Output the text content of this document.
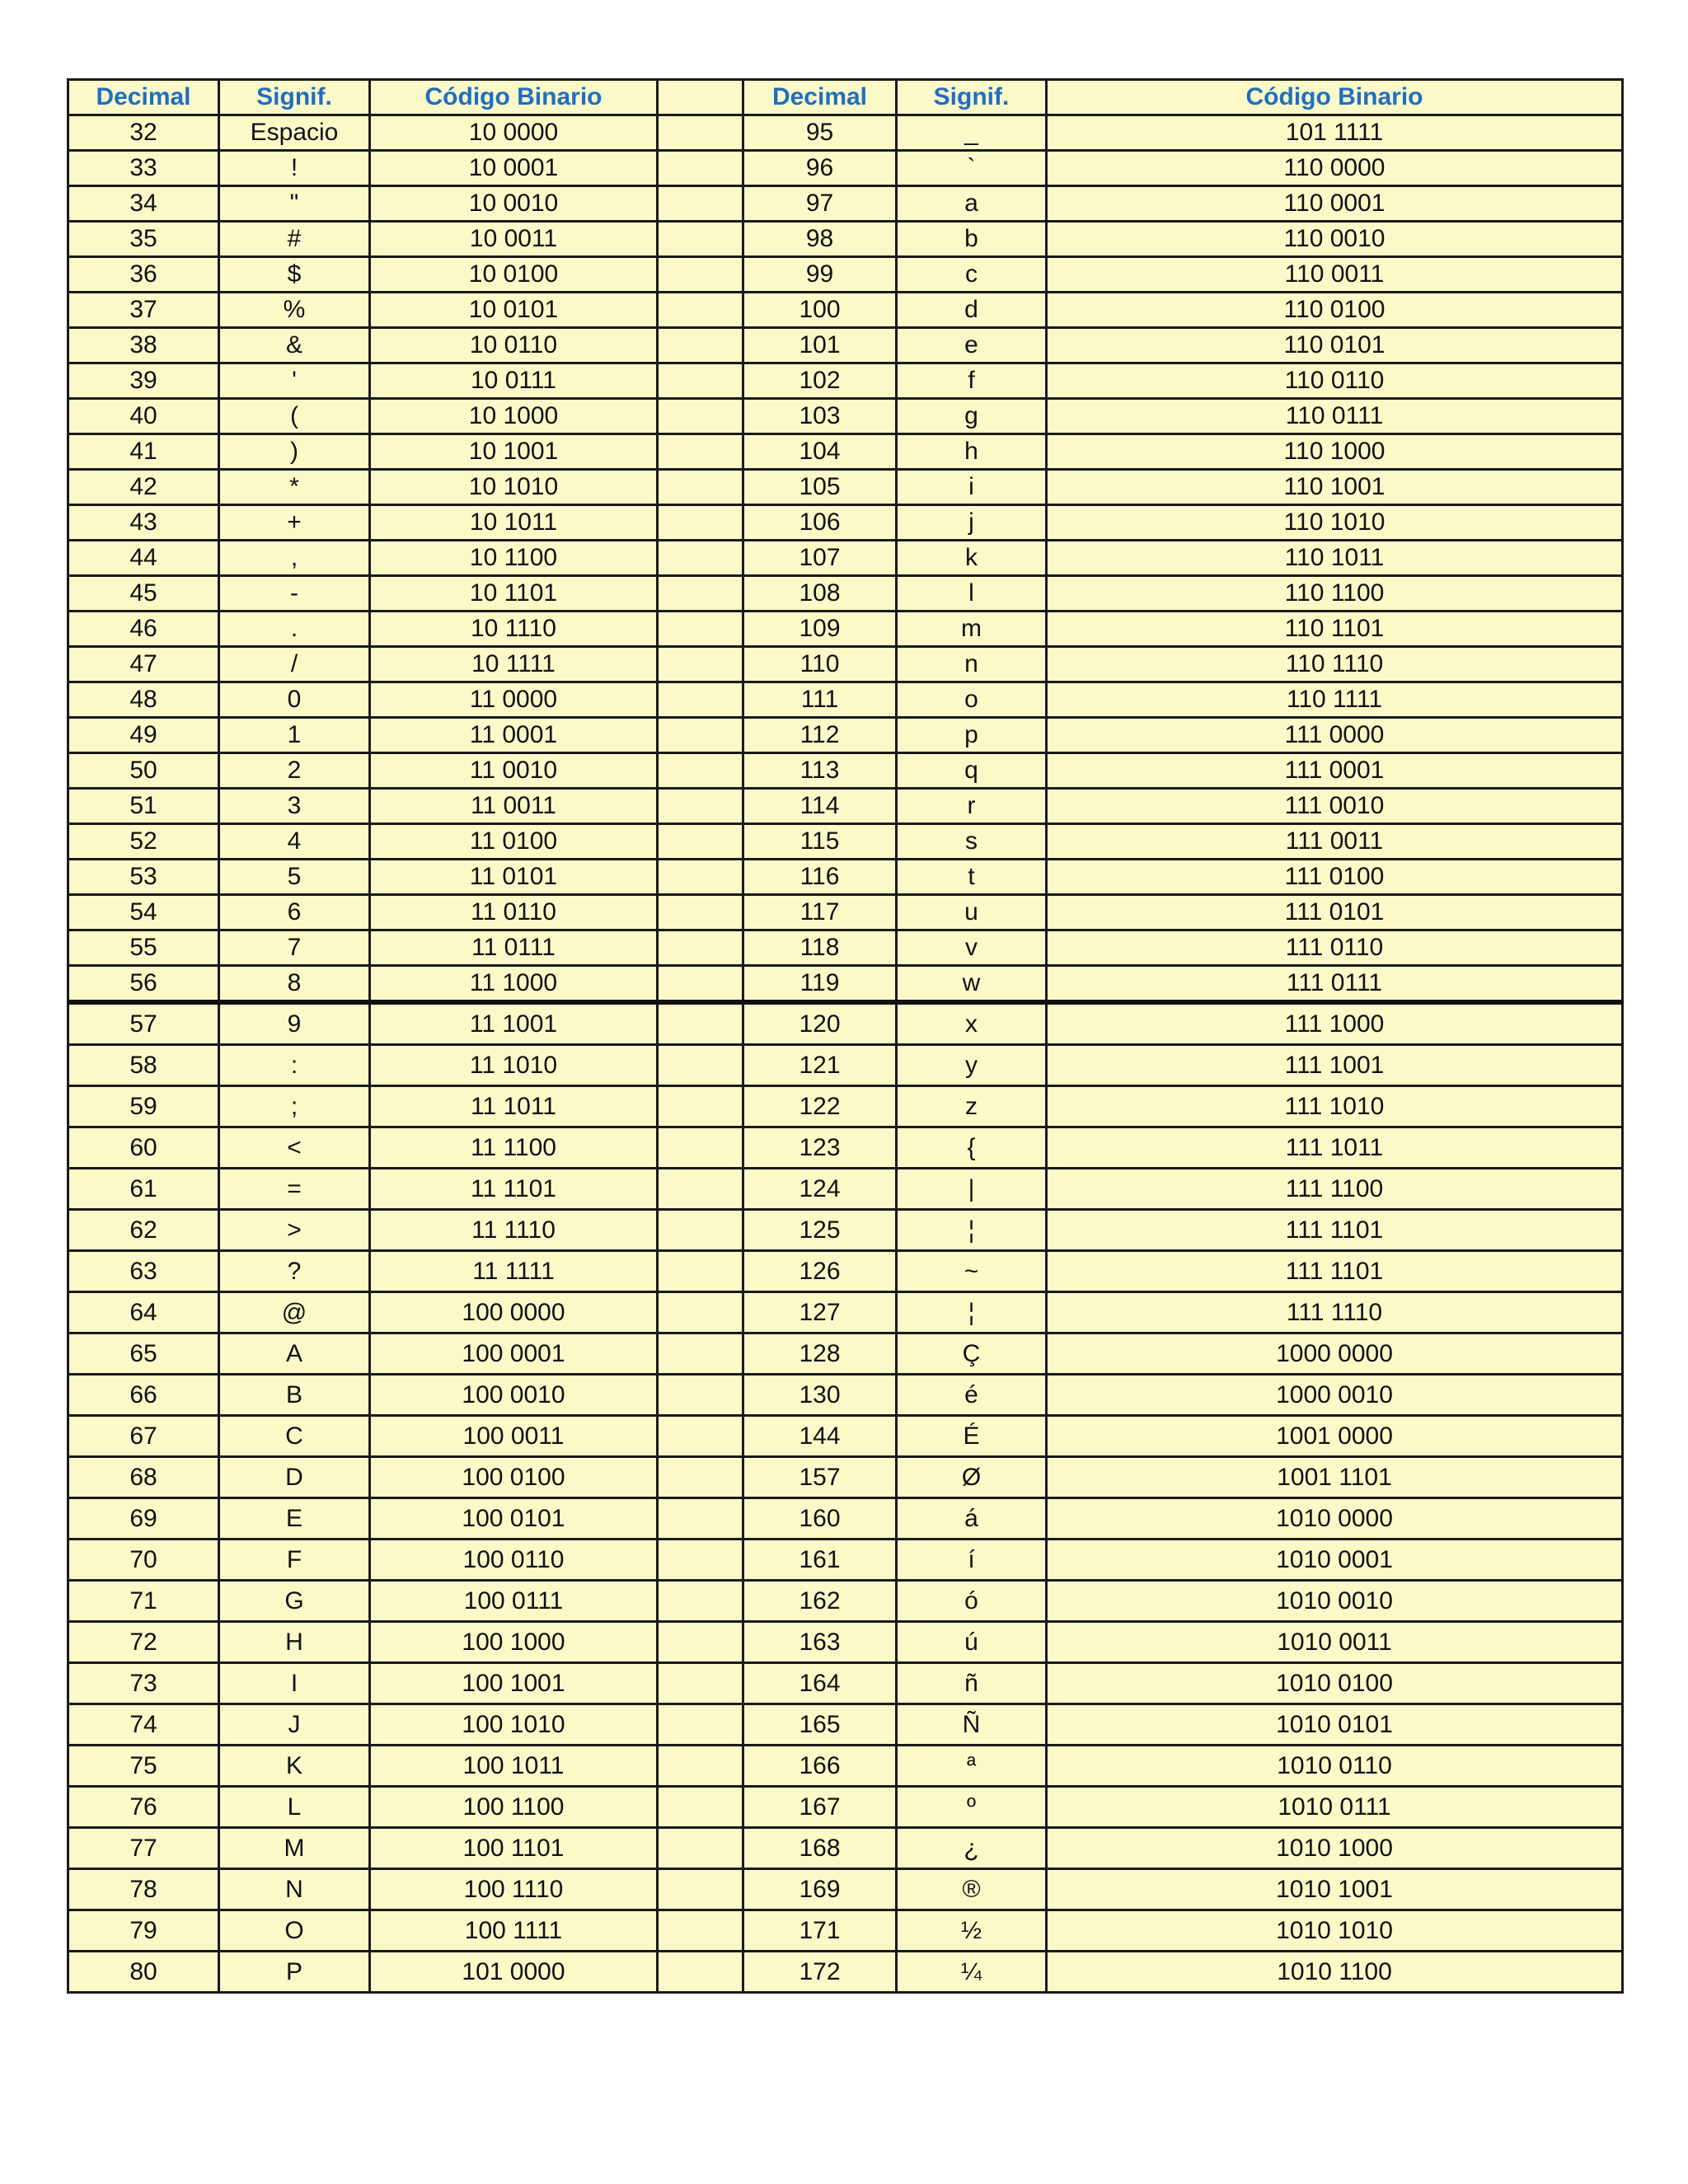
Decimal	Signif.	Código Binario		Decimal	Signif.	Código Binario
32	Espacio	10 0000		95	_	101 1111
33	!	10 0001		96	`	110 0000
34	"	10 0010		97	a	110 0001
35	#	10 0011		98	b	110 0010
36	$	10 0100		99	c	110 0011
37	%	10 0101		100	d	110 0100
38	&	10 0110		101	e	110 0101
39	'	10 0111		102	f	110 0110
40	(	10 1000		103	g	110 0111
41	)	10 1001		104	h	110 1000
42	*	10 1010		105	i	110 1001
43	+	10 1011		106	j	110 1010
44	,	10 1100		107	k	110 1011
45	-	10 1101		108	l	110 1100
46	.	10 1110		109	m	110 1101
47	/	10 1111		110	n	110 1110
48	0	11 0000		111	o	110 1111
49	1	11 0001		112	p	111 0000
50	2	11 0010		113	q	111 0001
51	3	11 0011		114	r	111 0010
52	4	11 0100		115	s	111 0011
53	5	11 0101		116	t	111 0100
54	6	11 0110		117	u	111 0101
55	7	11 0111		118	v	111 0110
56	8	11 1000		119	w	111 0111
57	9	11 1001		120	x	111 1000
58	:	11 1010		121	y	111 1001
59	;	11 1011		122	z	111 1010
60	<	11 1100		123	{	111 1011
61	=	11 1101		124	|	111 1100
62	>	11 1110		125	¦	111 1101
63	?	11 1111		126	~	111 1101
64	@	100 0000		127	¦	111 1110
65	A	100 0001		128	Ç	1000 0000
66	B	100 0010		130	é	1000 0010
67	C	100 0011		144	É	1001 0000
68	D	100 0100		157	Ø	1001 1101
69	E	100 0101		160	á	1010 0000
70	F	100 0110		161	í	1010 0001
71	G	100 0111		162	ó	1010 0010
72	H	100 1000		163	ú	1010 0011
73	I	100 1001		164	ñ	1010 0100
74	J	100 1010		165	Ñ	1010 0101
75	K	100 1011		166	ª	1010 0110
76	L	100 1100		167	º	1010 0111
77	M	100 1101		168	¿	1010 1000
78	N	100 1110		169	®	1010 1001
79	O	100 1111		171	½	1010 1010
80	P	101 0000		172	¼	1010 1100
